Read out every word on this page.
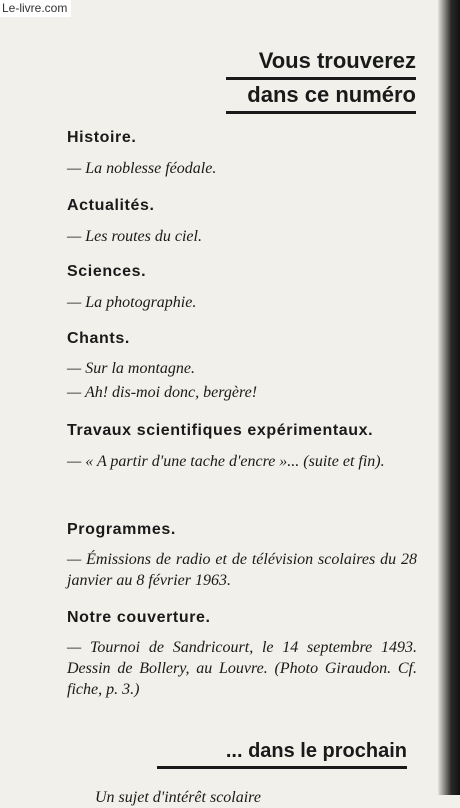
Le-livre.com
Vous trouverez
dans ce numéro

Histoire.

— La noblesse féodale.

Actualités.

— Les routes du ciel.

Sciences.

— La photographie.

Chants.

— Sur la montagne.

— Ah! dis-moi donc, bergère!

Travaux scientifiques expérimentaux.

— « A partir d'une tache d'encre »... (suite et fin).

Programmes.

— Émissions de radio et de télévision scolaires du 28 janvier au 8 février 1963.

Notre couverture.

— Tournoi de Sandricourt, le 14 septembre 1493. Dessin de Bollery, au Louvre. (Photo Giraudon. Cf. fiche, p. 3.)

... dans le prochain
Un sujet d'intérêt scolaire
